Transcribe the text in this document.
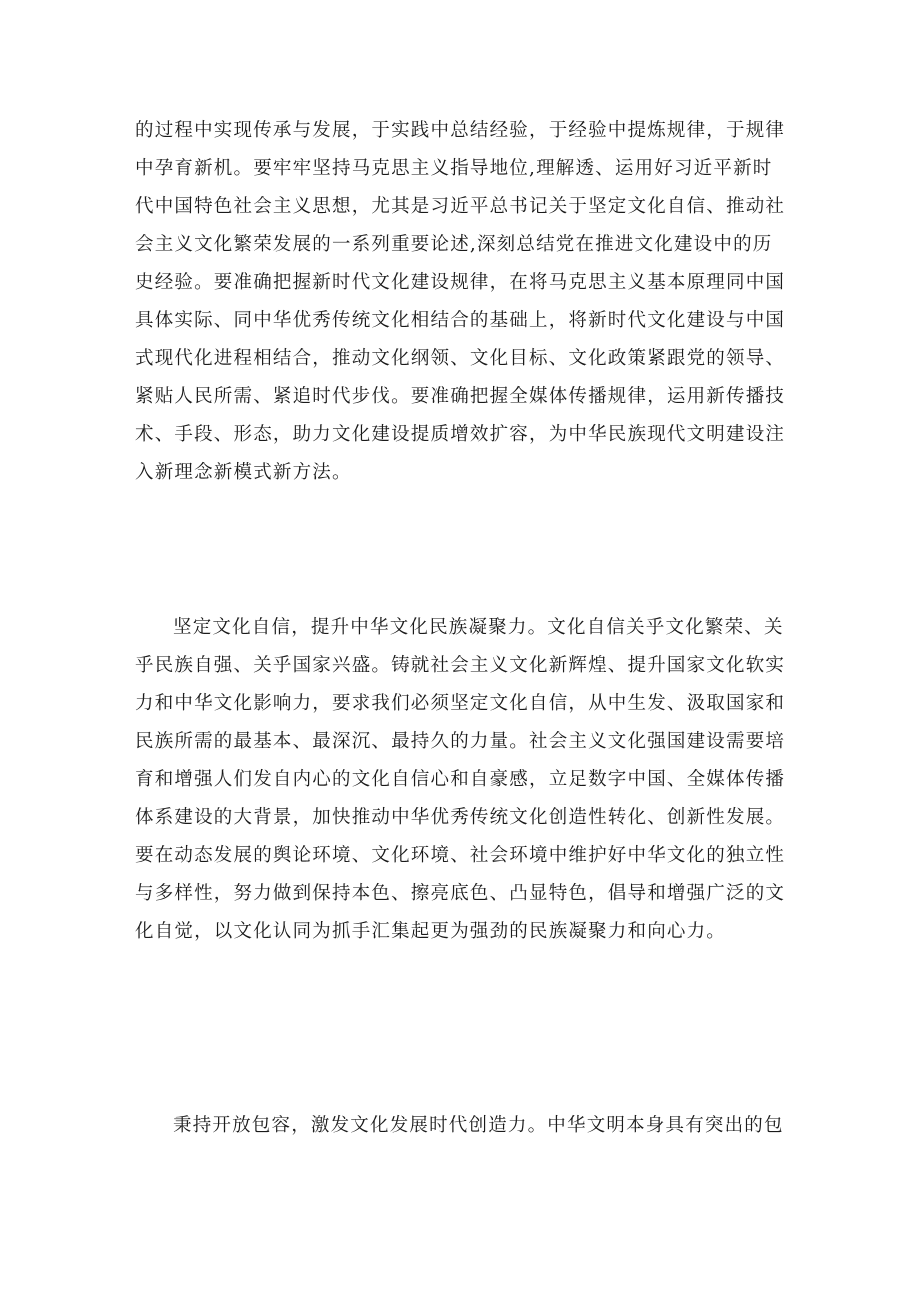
的过程中实现传承与发展，于实践中总结经验，于经验中提炼规律，于规律
中孕育新机。要牢牢坚持马克思主义指导地位,理解透、运用好习近平新时
代中国特色社会主义思想，尤其是习近平总书记关于坚定文化自信、推动社
会主义文化繁荣发展的一系列重要论述,深刻总结党在推进文化建设中的历
史经验。要准确把握新时代文化建设规律，在将马克思主义基本原理同中国
具体实际、同中华优秀传统文化相结合的基础上，将新时代文化建设与中国
式现代化进程相结合，推动文化纲领、文化目标、文化政策紧跟党的领导、
紧贴人民所需、紧追时代步伐。要准确把握全媒体传播规律，运用新传播技
术、手段、形态，助力文化建设提质增效扩容，为中华民族现代文明建设注
入新理念新模式新方法。
坚定文化自信，提升中华文化民族凝聚力。文化自信关乎文化繁荣、关
乎民族自强、关乎国家兴盛。铸就社会主义文化新辉煌、提升国家文化软实
力和中华文化影响力，要求我们必须坚定文化自信，从中生发、汲取国家和
民族所需的最基本、最深沉、最持久的力量。社会主义文化强国建设需要培
育和增强人们发自内心的文化自信心和自豪感，立足数字中国、全媒体传播
体系建设的大背景，加快推动中华优秀传统文化创造性转化、创新性发展。
要在动态发展的舆论环境、文化环境、社会环境中维护好中华文化的独立性
与多样性，努力做到保持本色、擦亮底色、凸显特色，倡导和增强广泛的文
化自觉，以文化认同为抓手汇集起更为强劲的民族凝聚力和向心力。
秉持开放包容，激发文化发展时代创造力。中华文明本身具有突出的包
